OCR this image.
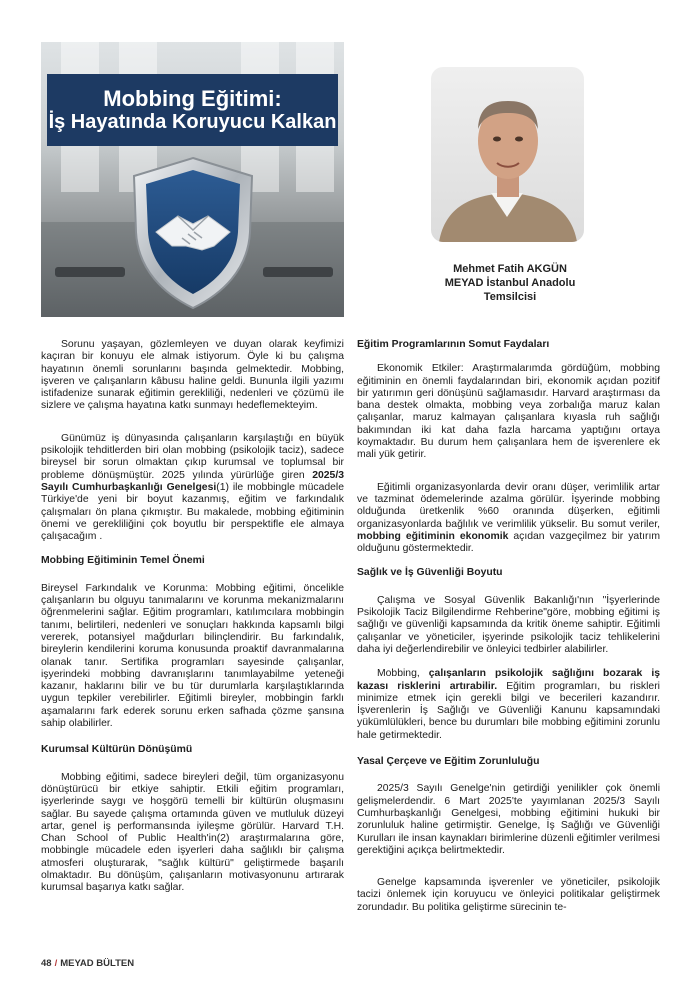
Mobbing Eğitimi:
İş Hayatında Koruyucu Kalkan
Mehmet Fatih AKGÜN
MEYAD İstanbul Anadolu
Temsilcisi

Sorunu yaşayan, gözlemleyen ve duyan olarak keyfimizi kaçıran bir konuyu ele almak istiyorum. Öyle ki bu çalışma hayatının önemli sorunlarını başında gelmektedir. Mobbing, işveren ve çalışanların kâbusu haline geldi. Bununla ilgili yazımı istifadenize sunarak eğitimin gerekliliği, nedenleri ve çözümü ile sizlere ve çalışma hayatına katkı sunmayı hedeflemekteyim.

Günümüz iş dünyasında çalışanların karşılaştığı en büyük psikolojik tehditlerden biri olan mobbing (psikolojik taciz), sadece bireysel bir sorun olmaktan çıkıp kurumsal ve toplumsal bir probleme dönüşmüştür. 2025 yılında yürürlüğe giren 2025/3 Sayılı Cumhurbaşkanlığı Genelgesi(1) ile mobbingle mücadele Türkiye'de yeni bir boyut kazanmış, eğitim ve farkındalık çalışmaları ön plana çıkmıştır. Bu makalede, mobbing eğitiminin önemi ve gerekliliğini çok boyutlu bir perspektifle ele almaya çalışacağım .

Mobbing Eğitiminin Temel Önemi

Bireysel Farkındalık ve Korunma: Mobbing eğitimi, öncelikle çalışanların bu olguyu tanımalarını ve korunma mekanizmalarını öğrenmelerini sağlar. Eğitim programları, katılımcılara mobbingin tanımı, belirtileri, nedenleri ve sonuçları hakkında kapsamlı bilgi vererek, potansiyel mağdurları bilinçlendirir. Bu farkındalık, bireylerin kendilerini koruma konusunda proaktif davranmalarına olanak tanır. Sertifika programları sayesinde çalışanlar, işyerindeki mobbing davranışlarını tanımlayabilme yeteneği kazanır, haklarını bilir ve bu tür durumlarla karşılaştıklarında uygun tepkiler verebilirler. Eğitimli bireyler, mobbingin farklı aşamalarını fark ederek sorunu erken safhada çözme şansına sahip olabilirler.

Kurumsal Kültürün Dönüşümü

Mobbing eğitimi, sadece bireyleri değil, tüm organizasyonu dönüştürücü bir etkiye sahiptir. Etkili eğitim programları, işyerlerinde saygı ve hoşgörü temelli bir kültürün oluşmasını sağlar. Bu sayede çalışma ortamında güven ve mutluluk düzeyi artar, genel iş performansında iyileşme görülür. Harvard T.H. Chan School of Public Health'in(2) araştırmalarına göre, mobbingle mücadele eden işyerleri daha sağlıklı bir çalışma atmosferi oluşturarak, "sağlık kültürü" geliştirmede başarılı olmaktadır. Bu dönüşüm, çalışanların motivasyonunu artırarak kurumsal başarıya katkı sağlar.

Eğitim Programlarının Somut Faydaları

Ekonomik Etkiler: Araştırmalarımda gördüğüm, mobbing eğitiminin en önemli faydalarından biri, ekonomik açıdan pozitif bir yatırımın geri dönüşünü sağlamasıdır. Harvard araştırması da bana destek olmakta, mobbing veya zorbalığa maruz kalan çalışanlar, maruz kalmayan çalışanlara kıyasla ruh sağlığı bakımından iki kat daha fazla harcama yaptığını ortaya koymaktadır. Bu durum hem çalışanlara hem de işverenlere ek mali yük getirir.

Eğitimli organizasyonlarda devir oranı düşer, verimlilik artar ve tazminat ödemelerinde azalma görülür. İşyerinde mobbing olduğunda üretkenlik %60 oranında düşerken, eğitimli organizasyonlarda bağlılık ve verimlilik yükselir. Bu somut veriler, mobbing eğitiminin ekonomik açıdan vazgeçilmez bir yatırım olduğunu göstermektedir.

Sağlık ve İş Güvenliği Boyutu

Çalışma ve Sosyal Güvenlik Bakanlığı'nın "İşyerlerinde Psikolojik Taciz Bilgilendirme Rehberine"göre, mobbing eğitimi iş sağlığı ve güvenliği kapsamında da kritik öneme sahiptir. Eğitimli çalışanlar ve yöneticiler, işyerinde psikolojik taciz tehlikelerini daha iyi değerlendirebilir ve önleyici tedbirler alabilirler.

Mobbing, çalışanların psikolojik sağlığını bozarak iş kazası risklerini artırabilir. Eğitim programları, bu riskleri minimize etmek için gerekli bilgi ve becerileri kazandırır. İşverenlerin İş Sağlığı ve Güvenliği Kanunu kapsamındaki yükümlülükleri, bence bu durumları bile mobbing eğitimini zorunlu hale getirmektedir.

Yasal Çerçeve ve Eğitim Zorunluluğu

2025/3 Sayılı Genelge'nin getirdiği yenilikler çok önemli gelişmelerdendir. 6 Mart 2025'te yayımlanan 2025/3 Sayılı Cumhurbaşkanlığı Genelgesi, mobbing eğitimini hukuki bir zorunluluk haline getirmiştir. Genelge, İş Sağlığı ve Güvenliği Kurulları ile insan kaynakları birimlerine düzenli eğitimler verilmesi gerektiğini açıkça belirtmektedir.

Genelge kapsamında işverenler ve yöneticiler, psikolojik tacizi önlemek için koruyucu ve önleyici politikalar geliştirmek zorundadır. Bu politika geliştirme sürecinin te-

48 / MEYAD BÜLTEN
